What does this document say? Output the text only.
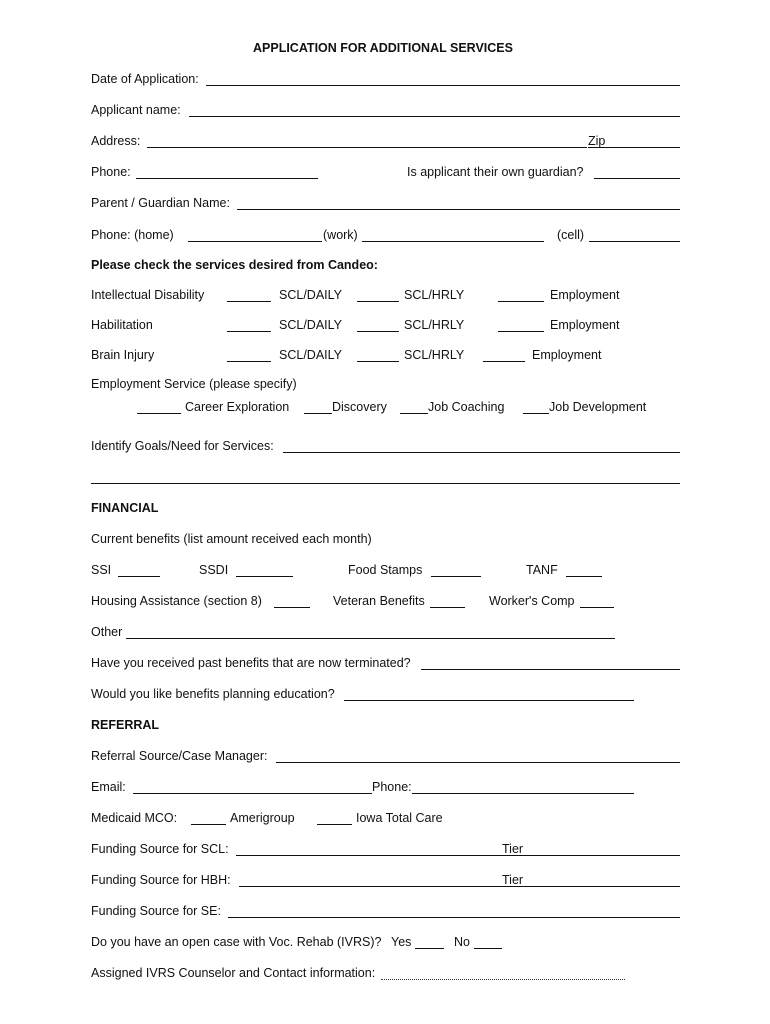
APPLICATION FOR ADDITIONAL SERVICES
Date of Application:
Applicant name:
Address:	Zip
Phone:	Is applicant their own guardian?
Parent / Guardian Name:
Phone: (home)	(work)	(cell)
Please check the services desired from Candeo:
Intellectual Disability	SCL/DAILY	SCL/HRLY	Employment
Habilitation	SCL/DAILY	SCL/HRLY	Employment
Brain Injury	SCL/DAILY	SCL/HRLY	Employment
Employment Service (please specify)
Career Exploration	Discovery	Job Coaching	Job Development
Identify Goals/Need for Services:
FINANCIAL
Current benefits (list amount received each month)
SSI	SSDI	Food Stamps	TANF
Housing Assistance (section 8)	Veteran Benefits	Worker's Comp
Other
Have you received past benefits that are now terminated?
Would you like benefits planning education?
REFERRAL
Referral Source/Case Manager:
Email:	Phone:
Medicaid MCO:	Amerigroup	Iowa Total Care
Funding Source for SCL:	Tier
Funding Source for HBH:	Tier
Funding Source for SE:
Do you have an open case with Voc. Rehab (IVRS)? Yes	No
Assigned IVRS Counselor and Contact information:
